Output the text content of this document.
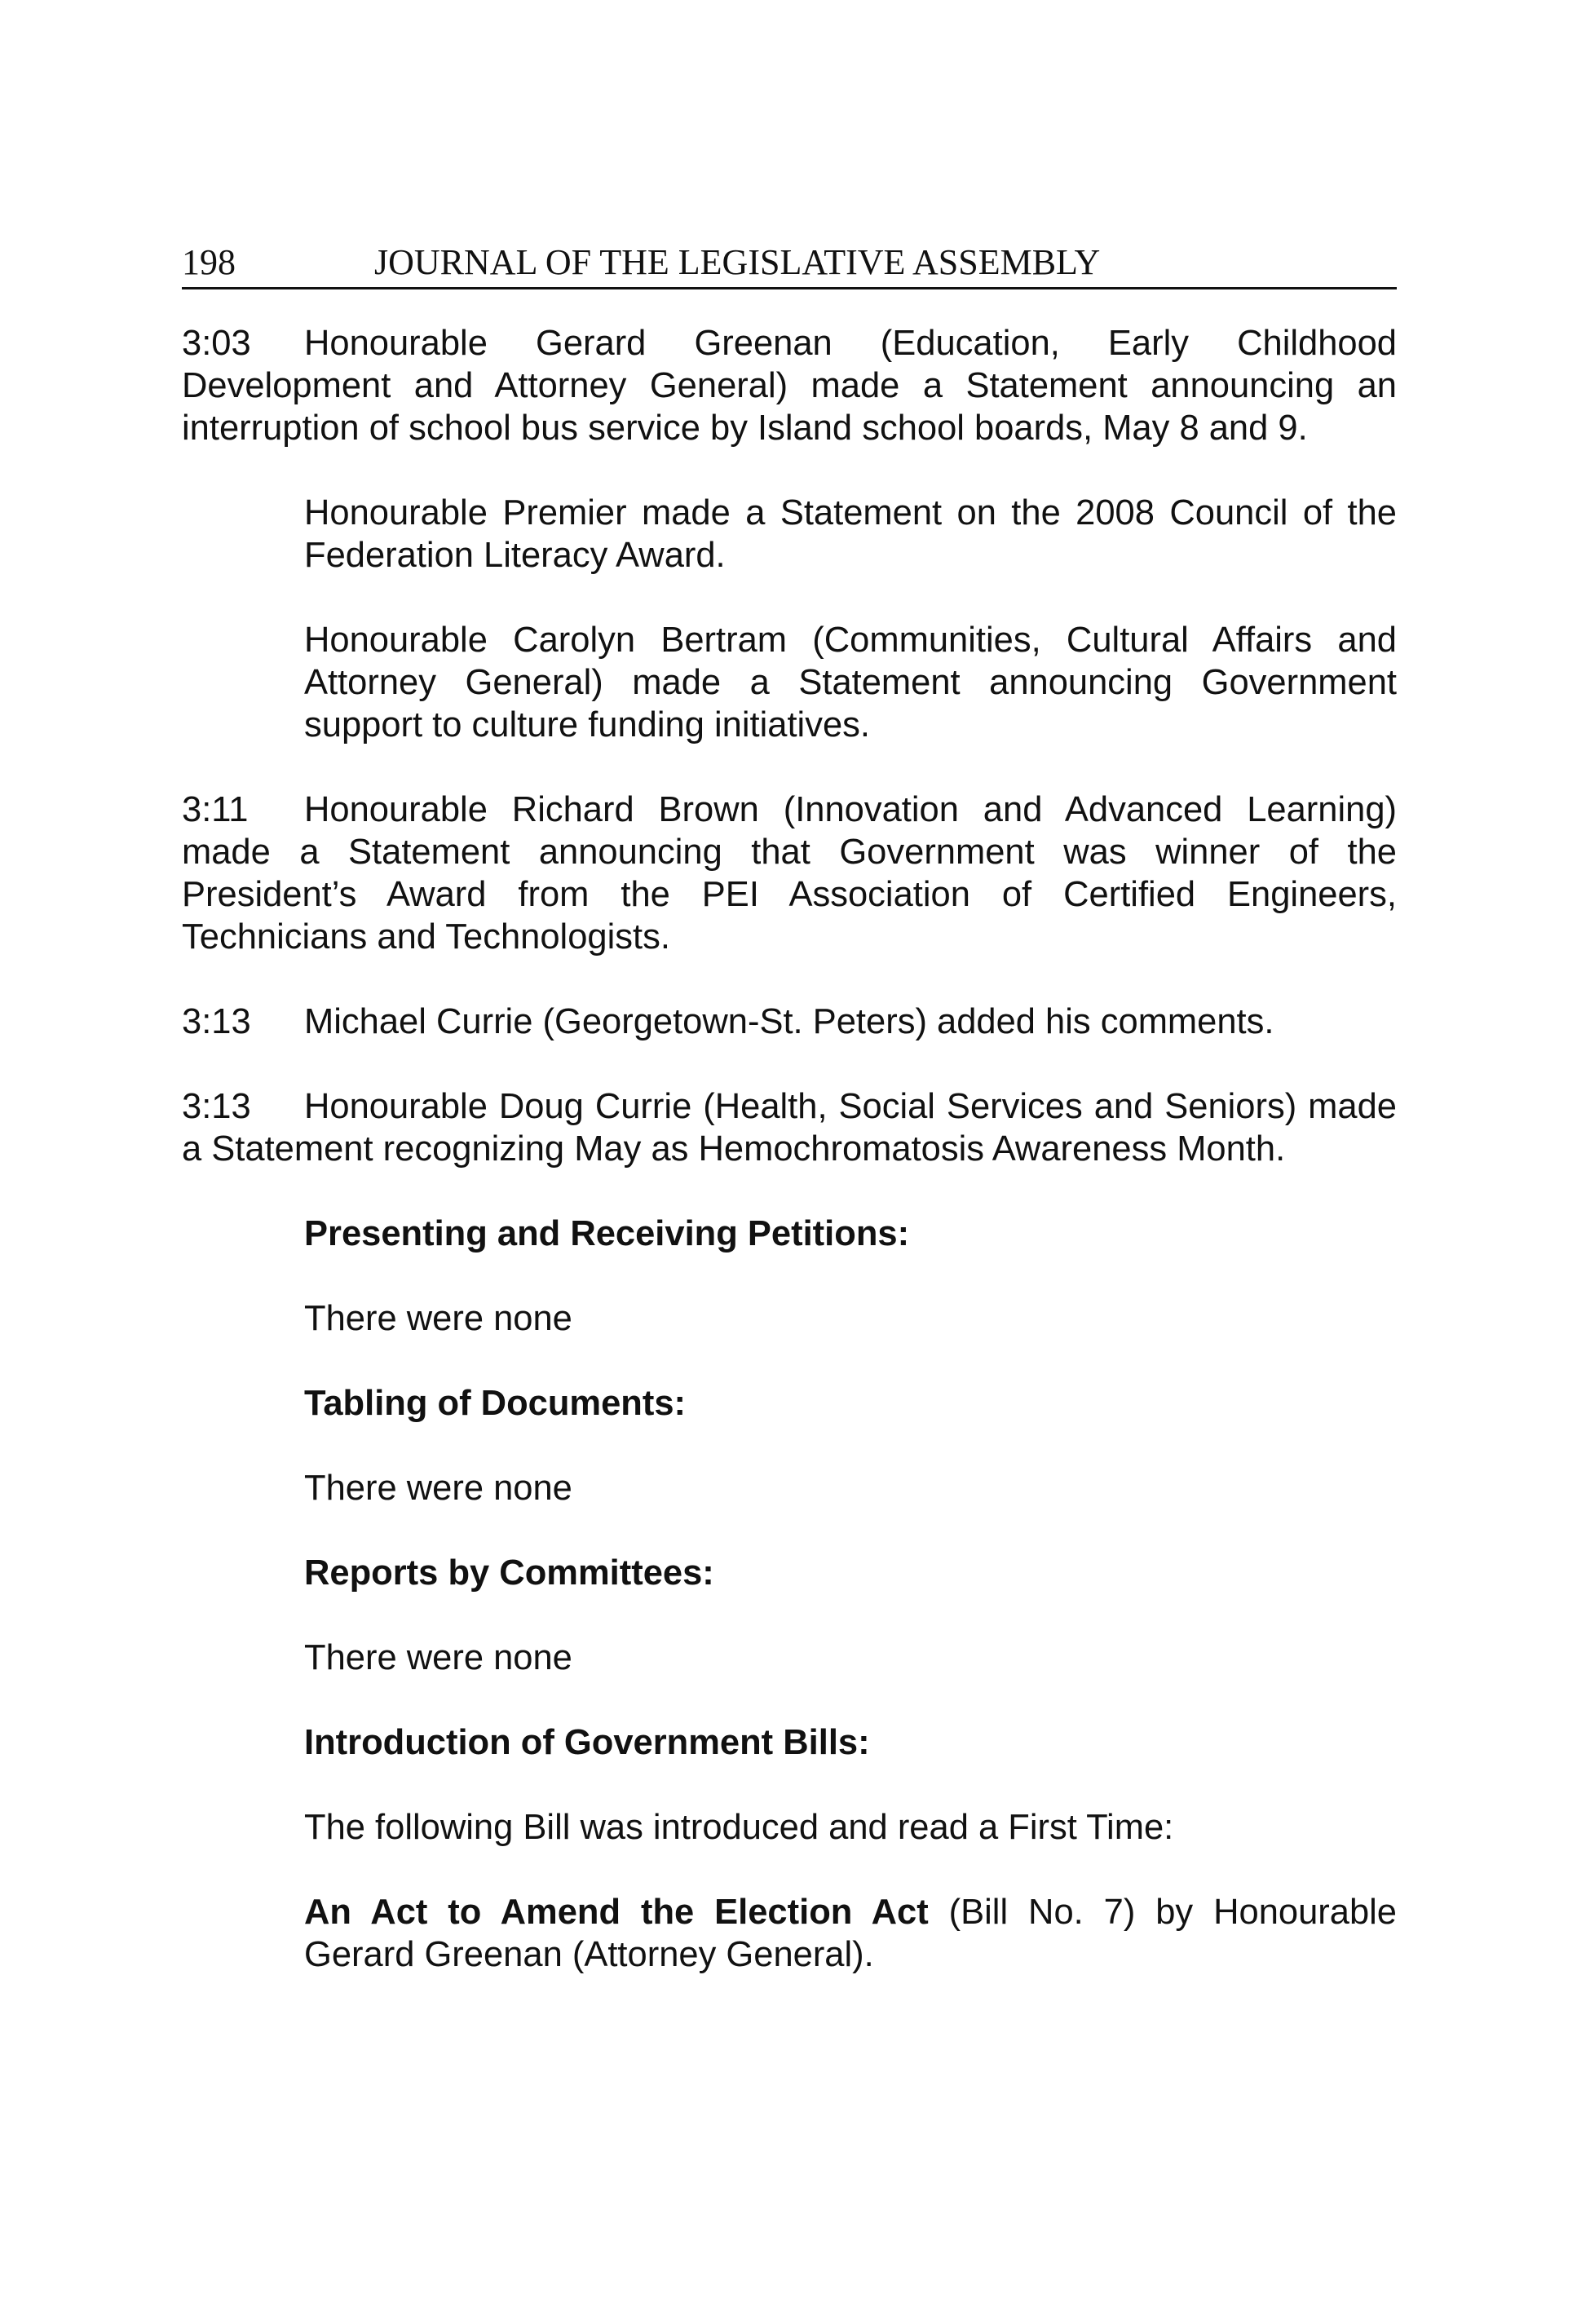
198	JOURNAL OF THE LEGISLATIVE ASSEMBLY
3:03 Honourable Gerard Greenan (Education, Early Childhood Development and Attorney General) made a Statement announcing an interruption of school bus service by Island school boards, May 8 and 9.
Honourable Premier made a Statement on the 2008 Council of the Federation Literacy Award.
Honourable Carolyn Bertram (Communities, Cultural Affairs and Attorney General) made a Statement announcing Government support to culture funding initiatives.
3:11 Honourable Richard Brown (Innovation and Advanced Learning) made a Statement announcing that Government was winner of the President’s Award from the PEI Association of Certified Engineers, Technicians and Technologists.
3:13 Michael Currie (Georgetown-St. Peters) added his comments.
3:13 Honourable Doug Currie (Health, Social Services and Seniors) made a Statement recognizing May as Hemochromatosis Awareness Month.
Presenting and Receiving Petitions:
There were none
Tabling of Documents:
There were none
Reports by Committees:
There were none
Introduction of Government Bills:
The following Bill was introduced and read a First Time:
An Act to Amend the Election Act (Bill No. 7) by Honourable Gerard Greenan (Attorney General).
